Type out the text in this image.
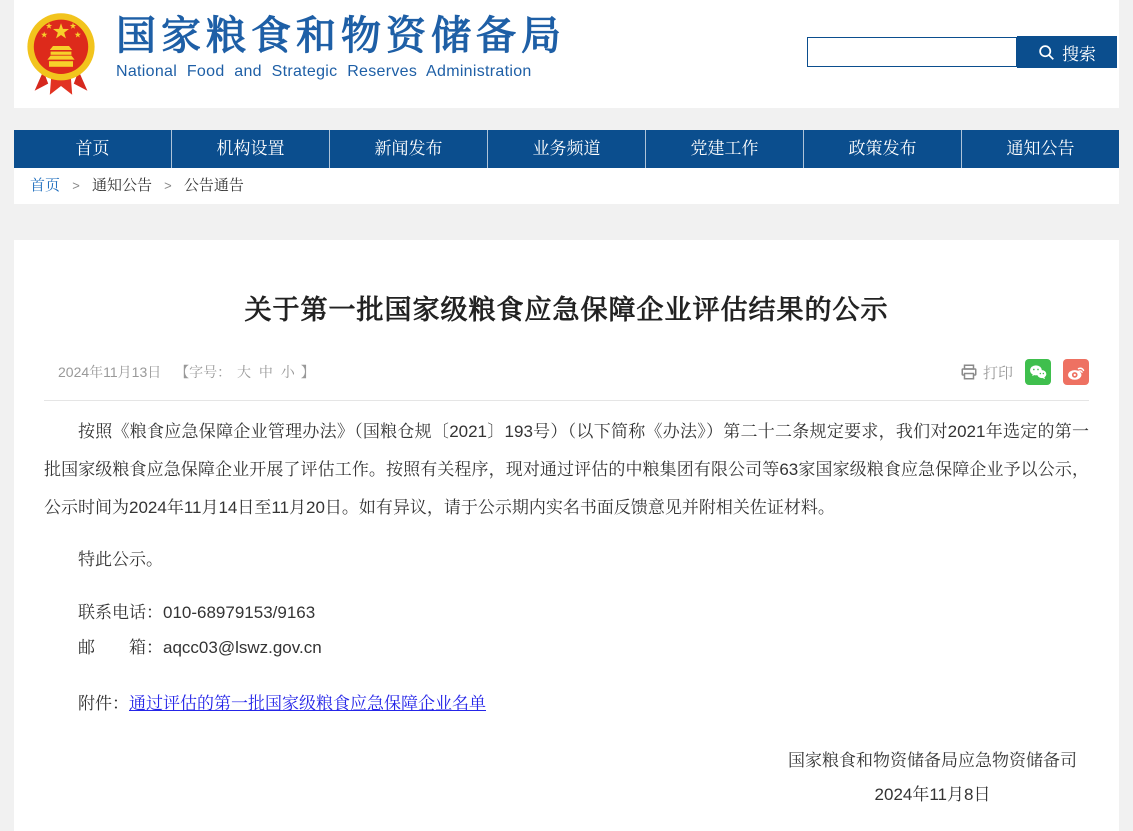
国家粮食和物资储备局
National Food and Strategic Reserves Administration
搜索
首页	机构设置	新闻发布	业务频道	党建工作	政策发布	通知公告
首页 > 通知公告 > 公告通告
关于第一批国家级粮食应急保障企业评估结果的公示
2024年11月13日 【字号： 大 中 小 】	打印

按照《粮食应急保障企业管理办法》（国粮仓规〔2021〕193号）（以下简称《办法》）第二十二条规定要求，我们对2021年选定的第一批国家级粮食应急保障企业开展了评估工作。按照有关程序，现对通过评估的中粮集团有限公司等63家国家级粮食应急保障企业予以公示，公示时间为2024年11月14日至11月20日。如有异议，请于公示期内实名书面反馈意见并附相关佐证材料。

特此公示。

联系电话：010-68979153/9163
邮　　箱：aqcc03@lswz.gov.cn
附件：通过评估的第一批国家级粮食应急保障企业名单
国家粮食和物资储备局应急物资储备司
2024年11月8日
